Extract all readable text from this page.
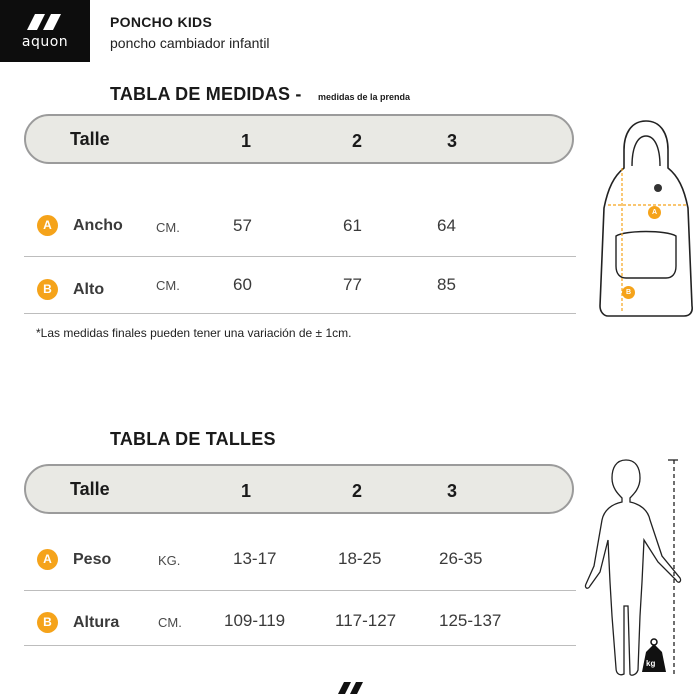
aquon
PONCHO KIDS
poncho cambiador infantil
TABLA DE MEDIDAS - medidas de la prenda
Talle	1	2	3
A	Ancho	CM.	57	61	64
B	Alto	CM.	60	77	85
*Las medidas finales pueden tener una variación de ± 1cm.
A
B
TABLA DE TALLES
Talle	1	2	3
A	Peso	KG.	13-17	18-25	26-35
B	Altura	CM. 109-119	117-127	125-137
kg
